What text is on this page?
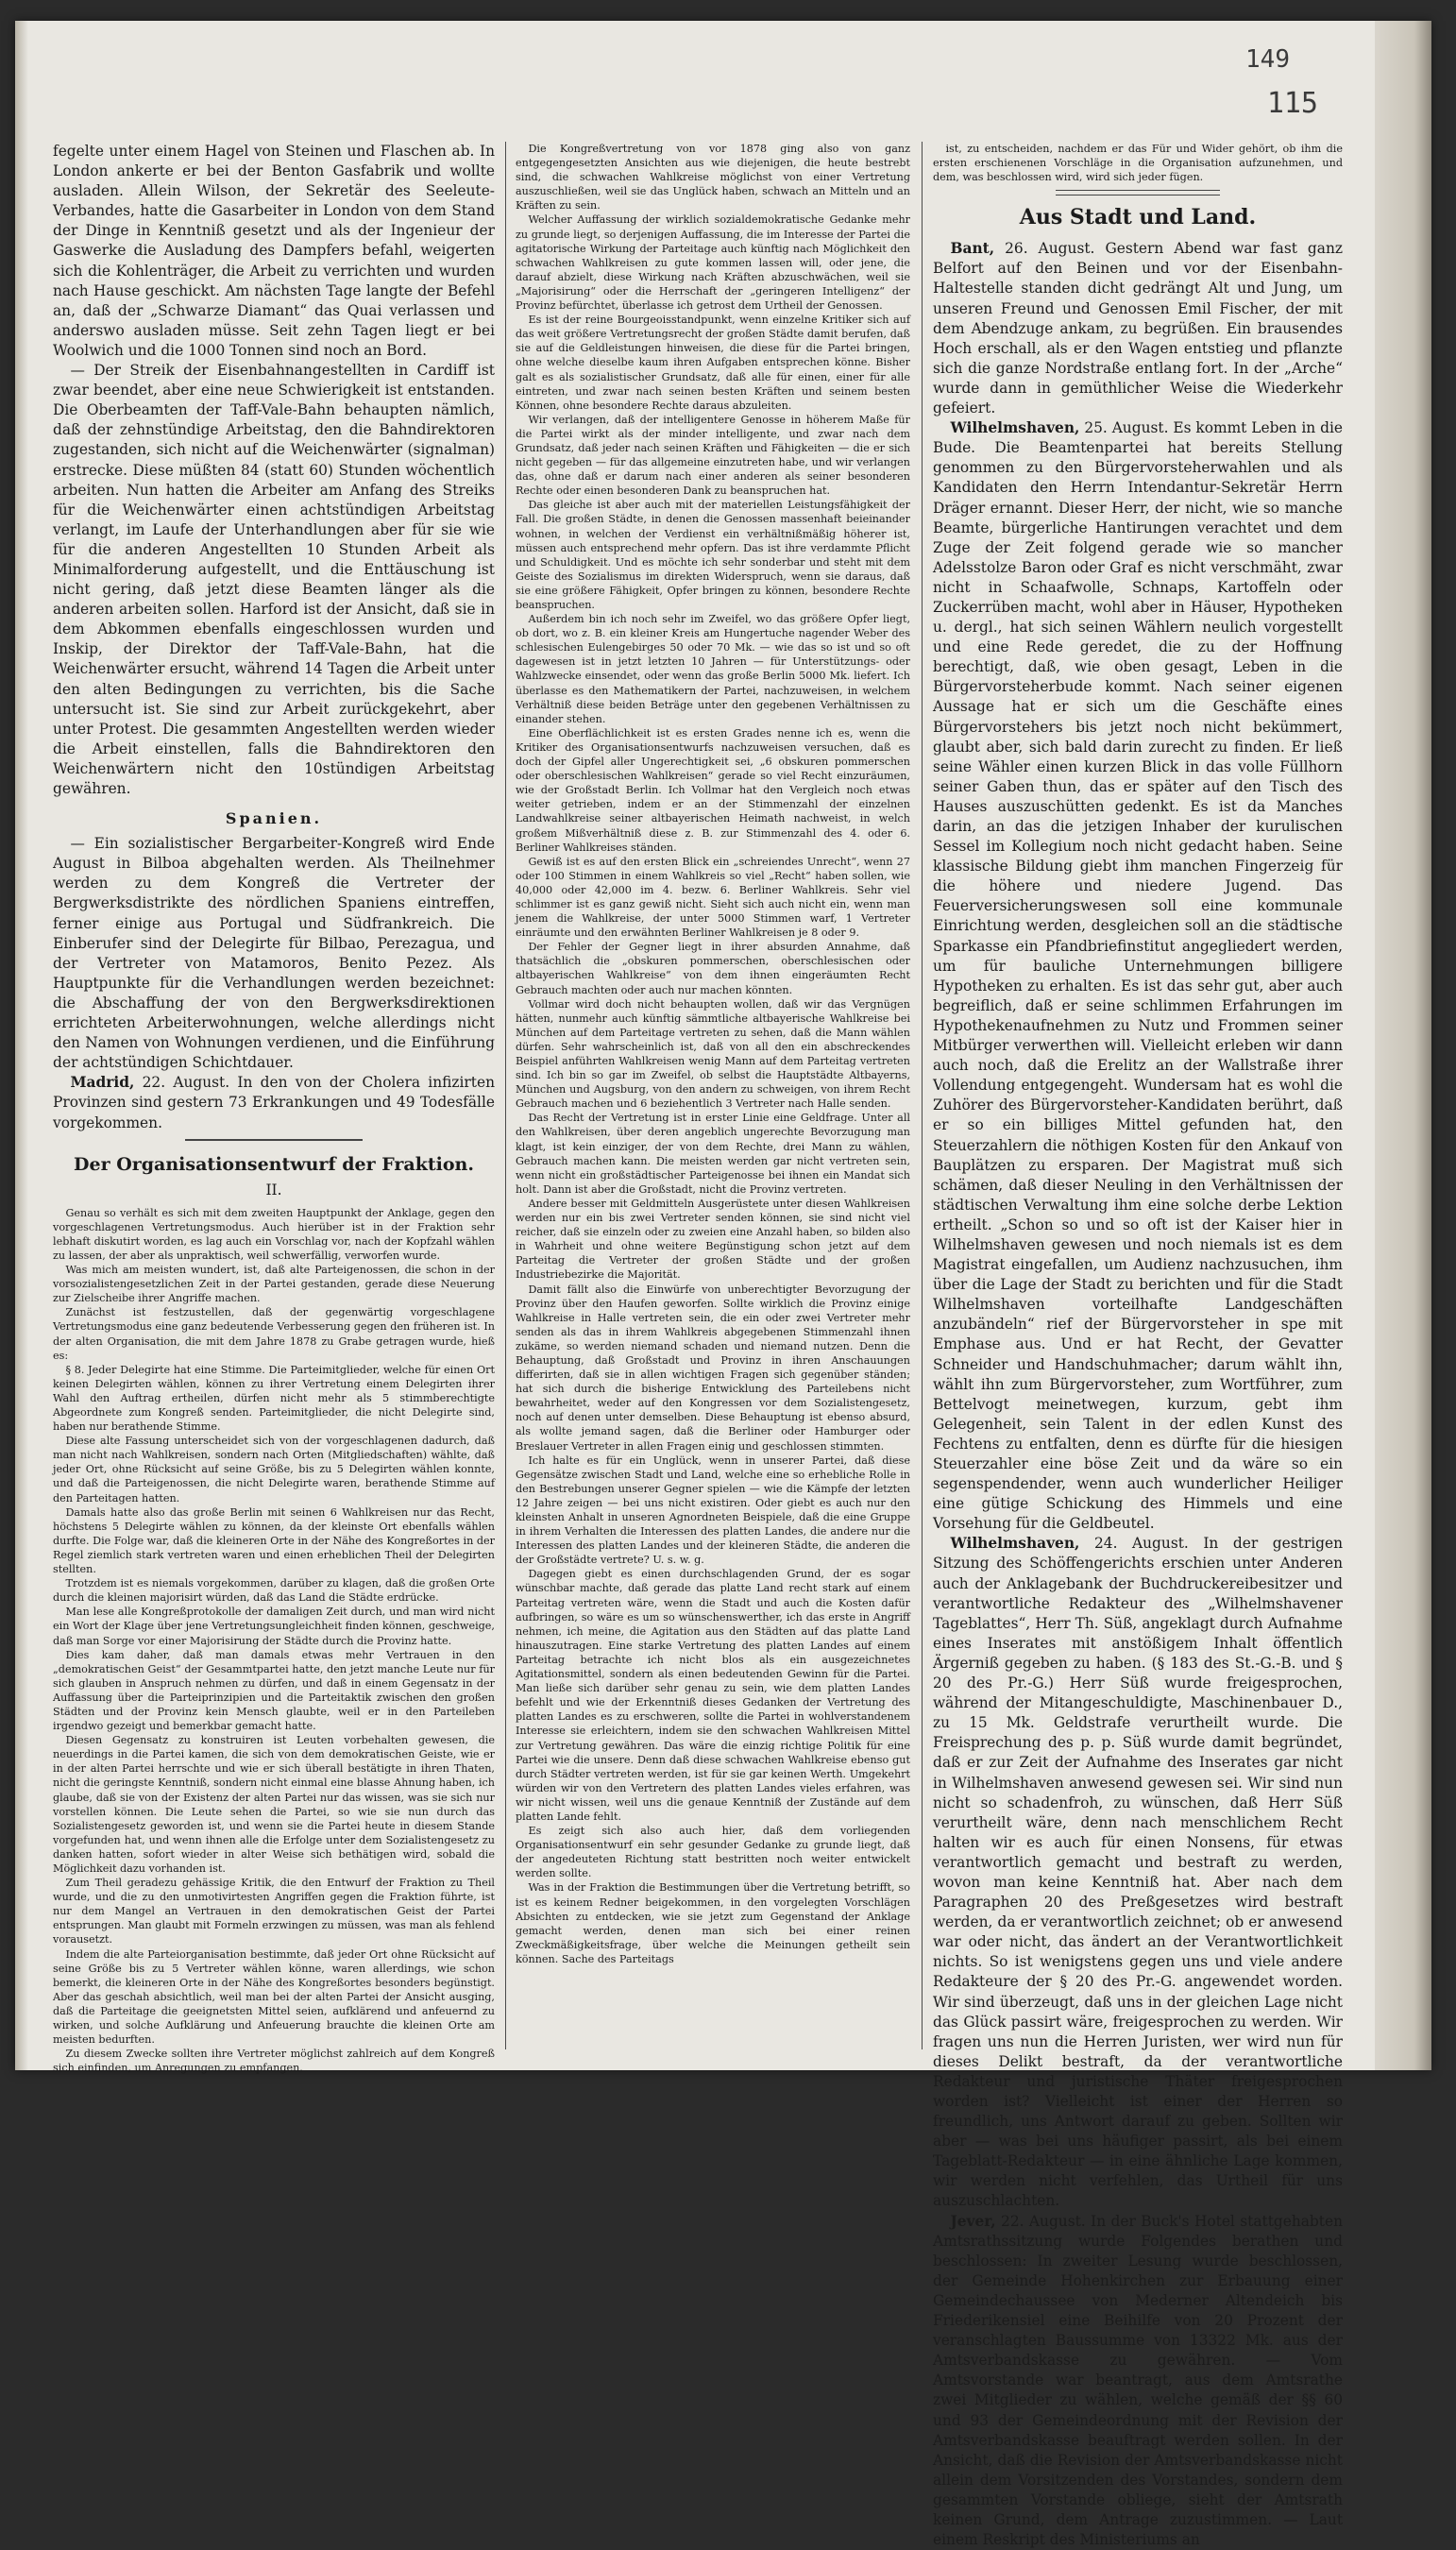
149
115

fegelte unter einem Hagel von Steinen und Flaschen ab. In London ankerte er bei der Benton Gasfabrik und wollte ausladen. Allein Wilson, der Sekretär des Seeleute-Verbandes, hatte die Gasarbeiter in London von dem Stand der Dinge in Kenntniß gesetzt und als der Ingenieur der Gaswerke die Ausladung des Dampfers befahl, weigerten sich die Kohlenträger, die Arbeit zu verrichten und wurden nach Hause geschickt. Am nächsten Tage langte der Befehl an, daß der „Schwarze Diamant“ das Quai verlassen und anderswo ausladen müsse. Seit zehn Tagen liegt er bei Woolwich und die 1000 Tonnen sind noch an Bord.

— Der Streik der Eisenbahnangestellten in Cardiff ist zwar beendet, aber eine neue Schwierigkeit ist entstanden. Die Oberbeamten der Taff-Vale-Bahn behaupten nämlich, daß der zehnstündige Arbeitstag, den die Bahndirektoren zugestanden, sich nicht auf die Weichenwärter (signalman) erstrecke. Diese müßten 84 (statt 60) Stunden wöchentlich arbeiten. Nun hatten die Arbeiter am Anfang des Streiks für die Weichenwärter einen achtstündigen Arbeitstag verlangt, im Laufe der Unterhandlungen aber für sie wie für die anderen Angestellten 10 Stunden Arbeit als Minimalforderung aufgestellt, und die Enttäuschung ist nicht gering, daß jetzt diese Beamten länger als die anderen arbeiten sollen. Harford ist der Ansicht, daß sie in dem Abkommen ebenfalls eingeschlossen wurden und Inskip, der Direktor der Taff-Vale-Bahn, hat die Weichenwärter ersucht, während 14 Tagen die Arbeit unter den alten Bedingungen zu verrichten, bis die Sache untersucht ist. Sie sind zur Arbeit zurückgekehrt, aber unter Protest. Die gesammten Angestellten werden wieder die Arbeit einstellen, falls die Bahndirektoren den Weichenwärtern nicht den 10stündigen Arbeitstag gewähren.

Spanien.

— Ein sozialistischer Bergarbeiter-Kongreß wird Ende August in Bilboa abgehalten werden. Als Theilnehmer werden zu dem Kongreß die Vertreter der Bergwerksdistrikte des nördlichen Spaniens eintreffen, ferner einige aus Portugal und Südfrankreich. Die Einberufer sind der Delegirte für Bilbao, Perezagua, und der Vertreter von Matamoros, Benito Pezez. Als Hauptpunkte für die Verhandlungen werden bezeichnet: die Abschaffung der von den Bergwerksdirektionen errichteten Arbeiterwohnungen, welche allerdings nicht den Namen von Wohnungen verdienen, und die Einführung der achtstündigen Schichtdauer.

Madrid, 22. August. In den von der Cholera infizirten Provinzen sind gestern 73 Erkrankungen und 49 Todesfälle vorgekommen.

Der Organisationsentwurf der Fraktion.
II.

Genau so verhält es sich mit dem zweiten Hauptpunkt der Anklage, gegen den vorgeschlagenen Vertretungsmodus. Auch hierüber ist in der Fraktion sehr lebhaft diskutirt worden, es lag auch ein Vorschlag vor, nach der Kopfzahl wählen zu lassen, der aber als unpraktisch, weil schwerfällig, verworfen wurde.

Was mich am meisten wundert, ist, daß alte Parteigenossen, die schon in der vorsozialistengesetzlichen Zeit in der Partei gestanden, gerade diese Neuerung zur Zielscheibe ihrer Angriffe machen.

Zunächst ist festzustellen, daß der gegenwärtig vorgeschlagene Vertretungsmodus eine ganz bedeutende Verbesserung gegen den früheren ist. In der alten Organisation, die mit dem Jahre 1878 zu Grabe getragen wurde, hieß es:

§ 8. Jeder Delegirte hat eine Stimme. Die Parteimitglieder, welche für einen Ort keinen Delegirten wählen, können zu ihrer Vertretung einem Delegirten ihrer Wahl den Auftrag ertheilen, dürfen nicht mehr als 5 stimmberechtigte Abgeordnete zum Kongreß senden. Parteimitglieder, die nicht Delegirte sind, haben nur berathende Stimme.

Diese alte Fassung unterscheidet sich von der vorgeschlagenen dadurch, daß man nicht nach Wahlkreisen, sondern nach Orten (Mitgliedschaften) wählte, daß jeder Ort, ohne Rücksicht auf seine Größe, bis zu 5 Delegirten wählen konnte, und daß die Parteigenossen, die nicht Delegirte waren, berathende Stimme auf den Parteitagen hatten.

Damals hatte also das große Berlin mit seinen 6 Wahlkreisen nur das Recht, höchstens 5 Delegirte wählen zu können, da der kleinste Ort ebenfalls wählen durfte. Die Folge war, daß die kleineren Orte in der Nähe des Kongreßortes in der Regel ziemlich stark vertreten waren und einen erheblichen Theil der Delegirten stellten.

Trotzdem ist es niemals vorgekommen, darüber zu klagen, daß die großen Orte durch die kleinen majorisirt würden, daß das Land die Städte erdrücke.

Man lese alle Kongreßprotokolle der damaligen Zeit durch, und man wird nicht ein Wort der Klage über jene Vertretungsungleichheit finden können, geschweige, daß man Sorge vor einer Majorisirung der Städte durch die Provinz hatte.

Dies kam daher, daß man damals etwas mehr Vertrauen in den „demokratischen Geist“ der Gesammtpartei hatte, den jetzt manche Leute nur für sich glauben in Anspruch nehmen zu dürfen, und daß in einem Gegensatz in der Auffassung über die Parteiprinzipien und die Parteitaktik zwischen den großen Städten und der Provinz kein Mensch glaubte, weil er in den Parteileben irgendwo gezeigt und bemerkbar gemacht hatte.

Diesen Gegensatz zu konstruiren ist Leuten vorbehalten gewesen, die neuerdings in die Partei kamen, die sich von dem demokratischen Geiste, wie er in der alten Partei herrschte und wie er sich überall bestätigte in ihren Thaten, nicht die geringste Kenntniß, sondern nicht einmal eine blasse Ahnung haben, ich glaube, daß sie von der Existenz der alten Partei nur das wissen, was sie sich nur vorstellen können. Die Leute sehen die Partei, so wie sie nun durch das Sozialistengesetz geworden ist, und wenn sie die Partei heute in diesem Stande vorgefunden hat, und wenn ihnen alle die Erfolge unter dem Sozialistengesetz zu danken hatten, sofort wieder in alter Weise sich bethätigen wird, sobald die Möglichkeit dazu vorhanden ist.

Zum Theil geradezu gehässige Kritik, die den Entwurf der Fraktion zu Theil wurde, und die zu den unmotivirtesten Angriffen gegen die Fraktion führte, ist nur dem Mangel an Vertrauen in den demokratischen Geist der Partei entsprungen. Man glaubt mit Formeln erzwingen zu müssen, was man als fehlend vorausetzt.

Indem die alte Parteiorganisation bestimmte, daß jeder Ort ohne Rücksicht auf seine Größe bis zu 5 Vertreter wählen könne, waren allerdings, wie schon bemerkt, die kleineren Orte in der Nähe des Kongreßortes besonders begünstigt. Aber das geschah absichtlich, weil man bei der alten Partei der Ansicht ausging, daß die Parteitage die geeignetsten Mittel seien, aufklärend und anfeuernd zu wirken, und solche Aufklärung und Anfeuerung brauchte die kleinen Orte am meisten bedurften.

Zu diesem Zwecke sollten ihre Vertreter möglichst zahlreich auf dem Kongreß sich einfinden, um Anregungen zu empfangen.

Die Kongreßvertretung von vor 1878 ging also von ganz entgegengesetzten Ansichten aus wie diejenigen, die heute bestrebt sind, die schwachen Wahlkreise möglichst von einer Vertretung auszuschließen, weil sie das Unglück haben, schwach an Mitteln und an Kräften zu sein.

Welcher Auffassung der wirklich sozialdemokratische Gedanke mehr zu grunde liegt, so derjenigen Auffassung, die im Interesse der Partei die agitatorische Wirkung der Parteitage auch künftig nach Möglichkeit den schwachen Wahlkreisen zu gute kommen lassen will, oder jene, die darauf abzielt, diese Wirkung nach Kräften abzuschwächen, weil sie „Majorisirung“ oder die Herrschaft der „geringeren Intelligenz“ der Provinz befürchtet, überlasse ich getrost dem Urtheil der Genossen.

Es ist der reine Bourgeoisstandpunkt, wenn einzelne Kritiker sich auf das weit größere Vertretungsrecht der großen Städte damit berufen, daß sie auf die Geldleistungen hinweisen, die diese für die Partei bringen, ohne welche dieselbe kaum ihren Aufgaben entsprechen könne. Bisher galt es als sozialistischer Grundsatz, daß alle für einen, einer für alle eintreten, und zwar nach seinen besten Kräften und seinem besten Können, ohne besondere Rechte daraus abzuleiten.

Wir verlangen, daß der intelligentere Genosse in höherem Maße für die Partei wirkt als der minder intelligente, und zwar nach dem Grundsatz, daß jeder nach seinen Kräften und Fähigkeiten — die er sich nicht gegeben — für das allgemeine einzutreten habe, und wir verlangen das, ohne daß er darum nach einer anderen als seiner besonderen Rechte oder einen besonderen Dank zu beanspruchen hat.

Das gleiche ist aber auch mit der materiellen Leistungsfähigkeit der Fall. Die großen Städte, in denen die Genossen massenhaft beieinander wohnen, in welchen der Verdienst ein verhältnißmäßig höherer ist, müssen auch entsprechend mehr opfern. Das ist ihre verdammte Pflicht und Schuldigkeit. Und es möchte ich sehr sonderbar und steht mit dem Geiste des Sozialismus im direkten Widerspruch, wenn sie daraus, daß sie eine größere Fähigkeit, Opfer bringen zu können, besondere Rechte beanspruchen.

Außerdem bin ich noch sehr im Zweifel, wo das größere Opfer liegt, ob dort, wo z. B. ein kleiner Kreis am Hungertuche nagender Weber des schlesischen Eulengebirges 50 oder 70 Mk. — wie das so ist und so oft dagewesen ist in jetzt letzten 10 Jahren — für Unterstützungs- oder Wahlzwecke einsendet, oder wenn das große Berlin 5000 Mk. liefert. Ich überlasse es den Mathematikern der Partei, nachzuweisen, in welchem Verhältniß diese beiden Beträge unter den gegebenen Verhältnissen zu einander stehen.

Eine Oberflächlichkeit ist es ersten Grades nenne ich es, wenn die Kritiker des Organisationsentwurfs nachzuweisen versuchen, daß es doch der Gipfel aller Ungerechtigkeit sei, „6 obskuren pommerschen oder oberschlesischen Wahlkreisen“ gerade so viel Recht einzuräumen, wie der Großstadt Berlin. Ich Vollmar hat den Vergleich noch etwas weiter getrieben, indem er an der Stimmenzahl der einzelnen Landwahlkreise seiner altbayerischen Heimath nachweist, in welch großem Mißverhältniß diese z. B. zur Stimmenzahl des 4. oder 6. Berliner Wahlkreises ständen.

Gewiß ist es auf den ersten Blick ein „schreiendes Unrecht“, wenn 27 oder 100 Stimmen in einem Wahlkreis so viel „Recht“ haben sollen, wie 40,000 oder 42,000 im 4. bezw. 6. Berliner Wahlkreis. Sehr viel schlimmer ist es ganz gewiß nicht. Sieht sich auch nicht ein, wenn man jenem die Wahlkreise, der unter 5000 Stimmen warf, 1 Vertreter einräumte und den erwähnten Berliner Wahlkreisen je 8 oder 9.

Der Fehler der Gegner liegt in ihrer absurden Annahme, daß thatsächlich die „obskuren pommerschen, oberschlesischen oder altbayerischen Wahlkreise“ von dem ihnen eingeräumten Recht Gebrauch machten oder auch nur machen könnten.

Vollmar wird doch nicht behaupten wollen, daß wir das Vergnügen hätten, nunmehr auch künftig sämmtliche altbayerische Wahlkreise bei München auf dem Parteitage vertreten zu sehen, daß die Mann wählen dürfen. Sehr wahrscheinlich ist, daß von all den ein abschreckendes Beispiel anführten Wahlkreisen wenig Mann auf dem Parteitag vertreten sind. Ich bin so gar im Zweifel, ob selbst die Hauptstädte Altbayerns, München und Augsburg, von den andern zu schweigen, von ihrem Recht Gebrauch machen und 6 beziehentlich 3 Vertreter nach Halle senden.

Das Recht der Vertretung ist in erster Linie eine Geldfrage. Unter all den Wahlkreisen, über deren angeblich ungerechte Bevorzugung man klagt, ist kein einziger, der von dem Rechte, drei Mann zu wählen, Gebrauch machen kann. Die meisten werden gar nicht vertreten sein, wenn nicht ein großstädtischer Parteigenosse bei ihnen ein Mandat sich holt. Dann ist aber die Großstadt, nicht die Provinz vertreten.

Andere besser mit Geldmitteln Ausgerüstete unter diesen Wahlkreisen werden nur ein bis zwei Vertreter senden können, sie sind nicht viel reicher, daß sie einzeln oder zu zweien eine Anzahl haben, so bilden also in Wahrheit und ohne weitere Begünstigung schon jetzt auf dem Parteitag die Vertreter der großen Städte und der großen Industriebezirke die Majorität.

Damit fällt also die Einwürfe von unberechtigter Bevorzugung der Provinz über den Haufen geworfen. Sollte wirklich die Provinz einige Wahlkreise in Halle vertreten sein, die ein oder zwei Vertreter mehr senden als das in ihrem Wahlkreis abgegebenen Stimmenzahl ihnen zukäme, so werden niemand schaden und niemand nutzen. Denn die Behauptung, daß Großstadt und Provinz in ihren Anschauungen differirten, daß sie in allen wichtigen Fragen sich gegenüber ständen; hat sich durch die bisherige Entwicklung des Parteilebens nicht bewahrheitet, weder auf den Kongressen vor dem Sozialistengesetz, noch auf denen unter demselben. Diese Behauptung ist ebenso absurd, als wollte jemand sagen, daß die Berliner oder Hamburger oder Breslauer Vertreter in allen Fragen einig und geschlossen stimmten.

Ich halte es für ein Unglück, wenn in unserer Partei, daß diese Gegensätze zwischen Stadt und Land, welche eine so erhebliche Rolle in den Bestrebungen unserer Gegner spielen — wie die Kämpfe der letzten 12 Jahre zeigen — bei uns nicht existiren. Oder giebt es auch nur den kleinsten Anhalt in unseren Agnordneten Beispiele, daß die eine Gruppe in ihrem Verhalten die Interessen des platten Landes, die andere nur die Interessen des platten Landes und der kleineren Städte, die anderen die der Großstädte vertrete? U. s. w. g.

Dagegen giebt es einen durchschlagenden Grund, der es sogar wünschbar machte, daß gerade das platte Land recht stark auf einem Parteitag vertreten wäre, wenn die Stadt und auch die Kosten dafür aufbringen, so wäre es um so wünschenswerther, ich das erste in Angriff nehmen, ich meine, die Agitation aus den Städten auf das platte Land hinauszutragen. Eine starke Vertretung des platten Landes auf einem Parteitag betrachte ich nicht blos als ein ausgezeichnetes Agitationsmittel, sondern als einen bedeutenden Gewinn für die Partei. Man ließe sich darüber sehr genau zu sein, wie dem platten Landes befehlt und wie der Erkenntniß dieses Gedanken der Vertretung des platten Landes es zu erschweren, sollte die Partei in wohlverstandenem Interesse sie erleichtern, indem sie den schwachen Wahlkreisen Mittel zur Vertretung gewähren. Das wäre die einzig richtige Politik für eine Partei wie die unsere. Denn daß diese schwachen Wahlkreise ebenso gut durch Städter vertreten werden, ist für sie gar keinen Werth. Umgekehrt würden wir von den Vertretern des platten Landes vieles erfahren, was wir nicht wissen, weil uns die genaue Kenntniß der Zustände auf dem platten Lande fehlt.

Es zeigt sich also auch hier, daß dem vorliegenden Organisationsentwurf ein sehr gesunder Gedanke zu grunde liegt, daß der angedeuteten Richtung statt bestritten noch weiter entwickelt werden sollte.

Was in der Fraktion die Bestimmungen über die Vertretung betrifft, so ist es keinem Redner beigekommen, in den vorgelegten Vorschlägen Absichten zu entdecken, wie sie jetzt zum Gegenstand der Anklage gemacht werden, denen man sich bei einer reinen Zweckmäßigkeitsfrage, über welche die Meinungen getheilt sein können. Sache des Parteitags

ist, zu entscheiden, nachdem er das Für und Wider gehört, ob ihm die ersten erschienenen Vorschläge in die Organisation aufzunehmen, und dem, was beschlossen wird, wird sich jeder fügen.

Aus Stadt und Land.

Bant, 26. August. Gestern Abend war fast ganz Belfort auf den Beinen und vor der Eisenbahn-Haltestelle standen dicht gedrängt Alt und Jung, um unseren Freund und Genossen Emil Fischer, der mit dem Abendzuge ankam, zu begrüßen. Ein brausendes Hoch erschall, als er den Wagen entstieg und pflanzte sich die ganze Nordstraße entlang fort. In der „Arche“ wurde dann in gemüthlicher Weise die Wiederkehr gefeiert.

Wilhelmshaven, 25. August. Es kommt Leben in die Bude. Die Beamtenpartei hat bereits Stellung genommen zu den Bürgervorsteherwahlen und als Kandidaten den Herrn Intendantur-Sekretär Herrn Dräger ernannt. Dieser Herr, der nicht, wie so manche Beamte, bürgerliche Hantirungen verachtet und dem Zuge der Zeit folgend gerade wie so mancher Adelsstolze Baron oder Graf es nicht verschmäht, zwar nicht in Schaafwolle, Schnaps, Kartoffeln oder Zuckerrüben macht, wohl aber in Häuser, Hypotheken u. dergl., hat sich seinen Wählern neulich vorgestellt und eine Rede geredet, die zu der Hoffnung berechtigt, daß, wie oben gesagt, Leben in die Bürgervorsteherbude kommt. Nach seiner eigenen Aussage hat er sich um die Geschäfte eines Bürgervorstehers bis jetzt noch nicht bekümmert, glaubt aber, sich bald darin zurecht zu finden. Er ließ seine Wähler einen kurzen Blick in das volle Füllhorn seiner Gaben thun, das er später auf den Tisch des Hauses auszuschütten gedenkt. Es ist da Manches darin, an das die jetzigen Inhaber der kurulischen Sessel im Kollegium noch nicht gedacht haben. Seine klassische Bildung giebt ihm manchen Fingerzeig für die höhere und niedere Jugend. Das Feuerversicherungswesen soll eine kommunale Einrichtung werden, desgleichen soll an die städtische Sparkasse ein Pfandbriefinstitut angegliedert werden, um für bauliche Unternehmungen billigere Hypotheken zu erhalten. Es ist das sehr gut, aber auch begreiflich, daß er seine schlimmen Erfahrungen im Hypothekenaufnehmen zu Nutz und Frommen seiner Mitbürger verwerthen will. Vielleicht erleben wir dann auch noch, daß die Erelitz an der Wallstraße ihrer Vollendung entgegengeht. Wundersam hat es wohl die Zuhörer des Bürgervorsteher-Kandidaten berührt, daß er so ein billiges Mittel gefunden hat, den Steuerzahlern die nöthigen Kosten für den Ankauf von Bauplätzen zu ersparen. Der Magistrat muß sich schämen, daß dieser Neuling in den Verhältnissen der städtischen Verwaltung ihm eine solche derbe Lektion ertheilt. „Schon so und so oft ist der Kaiser hier in Wilhelmshaven gewesen und noch niemals ist es dem Magistrat eingefallen, um Audienz nachzusuchen, ihm über die Lage der Stadt zu berichten und für die Stadt Wilhelmshaven vorteilhafte Landgeschäften anzubändeln“ rief der Bürgervorsteher in spe mit Emphase aus. Und er hat Recht, der Gevatter Schneider und Handschuhmacher; darum wählt ihn, wählt ihn zum Bürgervorsteher, zum Wortführer, zum Bettelvogt meinetwegen, kurzum, gebt ihm Gelegenheit, sein Talent in der edlen Kunst des Fechtens zu entfalten, denn es dürfte für die hiesigen Steuerzahler eine böse Zeit und da wäre so ein segenspendender, wenn auch wunderlicher Heiliger eine gütige Schickung des Himmels und eine Vorsehung für die Geldbeutel.

Wilhelmshaven, 24. August. In der gestrigen Sitzung des Schöffengerichts erschien unter Anderen auch der Anklagebank der Buchdruckereibesitzer und verantwortliche Redakteur des „Wilhelmshavener Tageblattes“, Herr Th. Süß, angeklagt durch Aufnahme eines Inserates mit anstößigem Inhalt öffentlich Ärgerniß gegeben zu haben. (§ 183 des St.-G.-B. und § 20 des Pr.-G.) Herr Süß wurde freigesprochen, während der Mitangeschuldigte, Maschinenbauer D., zu 15 Mk. Geldstrafe verurtheilt wurde. Die Freisprechung des p. p. Süß wurde damit begründet, daß er zur Zeit der Aufnahme des Inserates gar nicht in Wilhelmshaven anwesend gewesen sei. Wir sind nun nicht so schadenfroh, zu wünschen, daß Herr Süß verurtheilt wäre, denn nach menschlichem Recht halten wir es auch für einen Nonsens, für etwas verantwortlich gemacht und bestraft zu werden, wovon man keine Kenntniß hat. Aber nach dem Paragraphen 20 des Preßgesetzes wird bestraft werden, da er verantwortlich zeichnet; ob er anwesend war oder nicht, das ändert an der Verantwortlichkeit nichts. So ist wenigstens gegen uns und viele andere Redakteure der § 20 des Pr.-G. angewendet worden. Wir sind überzeugt, daß uns in der gleichen Lage nicht das Glück passirt wäre, freigesprochen zu werden. Wir fragen uns nun die Herren Juristen, wer wird nun für dieses Delikt bestraft, da der verantwortliche Redakteur und juristische Thäter freigesprochen worden ist? Vielleicht ist einer der Herren so freundlich, uns Antwort darauf zu geben. Sollten wir aber — was bei uns häufiger passirt, als bei einem Tageblatt-Redakteur — in eine ähnliche Lage kommen, wir werden nicht verfehlen, das Urtheil für uns auszuschlachten.

Jever, 22. August. In der Buck's Hotel stattgehabten Amtsrathssitzung wurde Folgendes berathen und beschlossen: In zweiter Lesung wurde beschlossen, der Gemeinde Hohenkirchen zur Erbauung einer Gemeindechaussee von Mederner Altendeich bis Friederikensiel eine Beihilfe von 20 Prozent der veranschlagten Baussumme von 13322 Mk. aus der Amtsverbandskasse zu gewähren. — Vom Amtsvorstande war beantragt, aus dem Amtsrathe zwei Mitglieder zu wählen, welche gemäß der §§ 60 und 93 der Gemeindeordnung mit der Revision der Amtsverbandskasse beauftragt werden sollen. In der Ansicht, daß die Revision der Amtsverbandskasse nicht allein dem Vorsitzenden des Vorstandes, sondern dem gesammten Vorstande obliege, sieht der Amtsrath keinen Grund, dem Antrage zuzustimmen. — Laut einem Reskript des Ministeriums an
